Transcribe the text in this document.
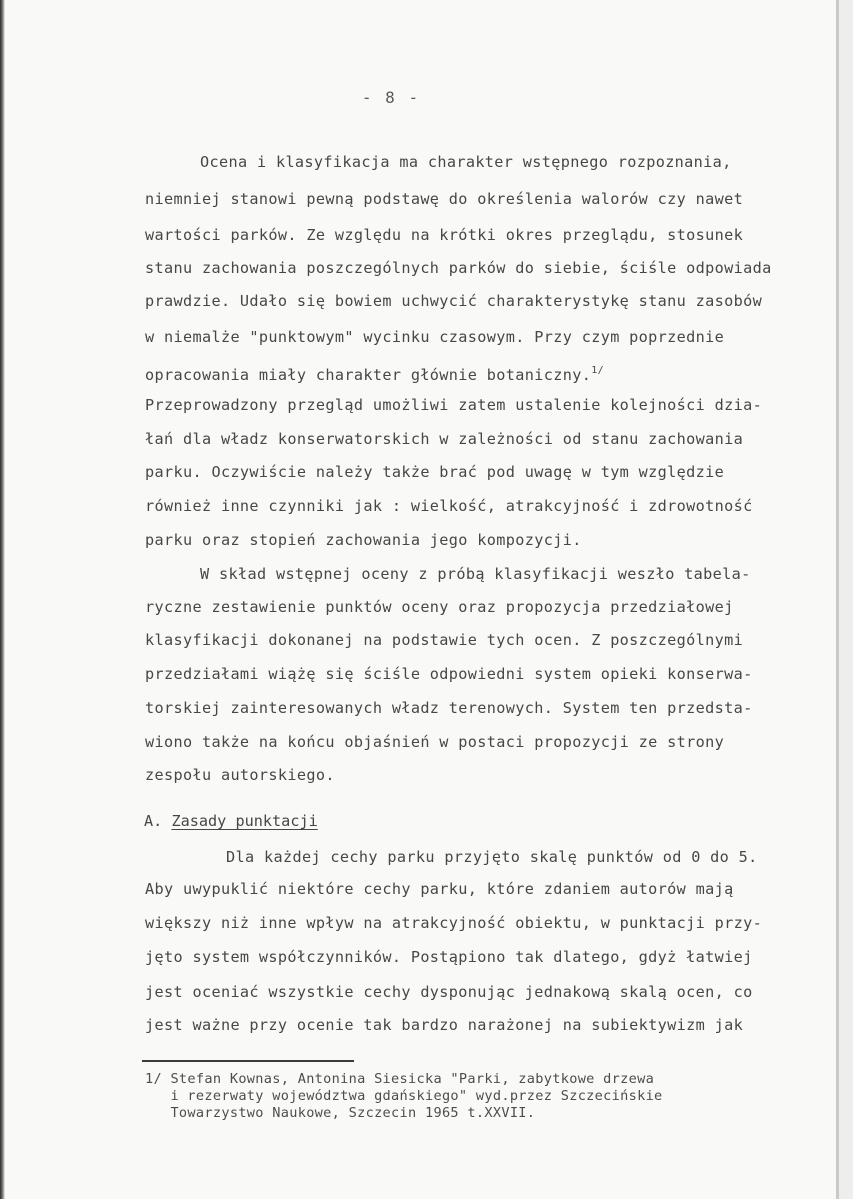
- 8 -
Ocena i klasyfikacja ma charakter wstępnego rozpoznania,
niemniej stanowi pewną podstawę do określenia walorów czy nawet
wartości parków. Ze względu na krótki okres przeglądu, stosunek
stanu zachowania poszczególnych parków do siebie, ściśle odpowiada
prawdzie. Udało się bowiem uchwycić charakterystykę stanu zasobów
w niemalże "punktowym" wycinku czasowym. Przy czym poprzednie
opracowania miały charakter głównie botaniczny.$^{1/}$
Przeprowadzony przegląd umożliwi zatem ustalenie kolejności dzia-
łań dla władz konserwatorskich w zależności od stanu zachowania
parku. Oczywiście należy także brać pod uwagę w tym względzie
również inne czynniki jak : wielkość, atrakcyjność i zdrowotność
parku oraz stopień zachowania jego kompozycji.
W skład wstępnej oceny z próbą klasyfikacji weszło tabela-
ryczne zestawienie punktów oceny oraz propozycja przedziałowej
klasyfikacji dokonanej na podstawie tych ocen. Z poszczególnymi
przedziałami wiążę się ściśle odpowiedni system opieki konserwa-
torskiej zainteresowanych władz terenowych. System ten przedsta-
wiono także na końcu objaśnień w postaci propozycji ze strony
zespołu autorskiego.
A. Zasady punktacji
Dla każdej cechy parku przyjęto skalę punktów od 0 do 5.
Aby uwypuklić niektóre cechy parku, które zdaniem autorów mają
większy niż inne wpływ na atrakcyjność obiektu, w punktacji przy-
jęto system współczynników. Postąpiono tak dlatego, gdyż łatwiej
jest oceniać wszystkie cechy dysponując jednakową skalą ocen, co
jest ważne przy ocenie tak bardzo narażonej na subiektywizm jak
1/ Stefan Kownas, Antonina Siesicka "Parki, zabytkowe drzewa
i rezerwaty województwa gdańskiego" wyd.przez Szczecińskie
Towarzystwo Naukowe, Szczecin 1965 t.XXVII.
